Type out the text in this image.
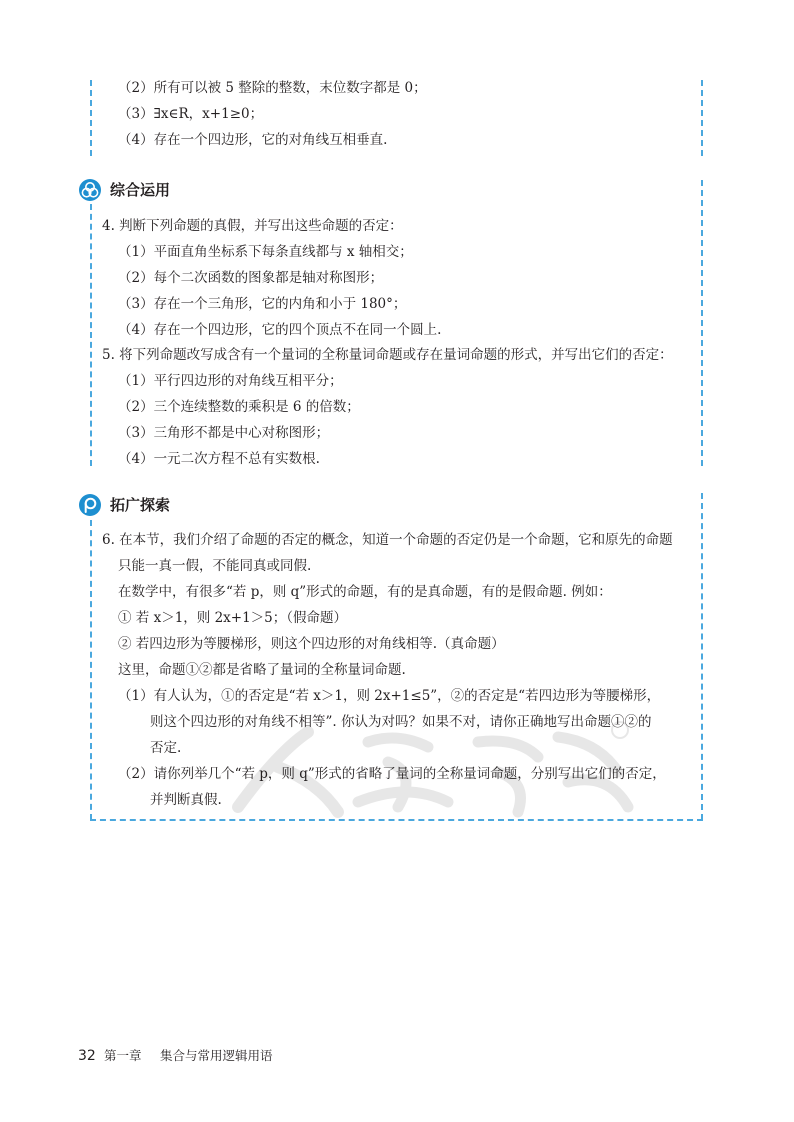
（2）所有可以被 5 整除的整数，末位数字都是 0；
（3）∃x∈R，x+1≥0；
（4）存在一个四边形，它的对角线互相垂直.
综合运用
4. 判断下列命题的真假，并写出这些命题的否定：
（1）平面直角坐标系下每条直线都与 x 轴相交；
（2）每个二次函数的图象都是轴对称图形；
（3）存在一个三角形，它的内角和小于 180°；
（4）存在一个四边形，它的四个顶点不在同一个圆上.
5. 将下列命题改写成含有一个量词的全称量词命题或存在量词命题的形式，并写出它们的否定：
（1）平行四边形的对角线互相平分；
（2）三个连续整数的乘积是 6 的倍数；
（3）三角形不都是中心对称图形；
（4）一元二次方程不总有实数根.
拓广探索
6. 在本节，我们介绍了命题的否定的概念，知道一个命题的否定仍是一个命题，它和原先的命题
只能一真一假，不能同真或同假.
在数学中，有很多“若 p，则 q”形式的命题，有的是真命题，有的是假命题. 例如：
① 若 x＞1，则 2x+1＞5；（假命题）
② 若四边形为等腰梯形，则这个四边形的对角线相等.（真命题）
这里，命题①②都是省略了量词的全称量词命题.
（1）有人认为，①的否定是“若 x＞1，则 2x+1≤5”，②的否定是“若四边形为等腰梯形，
则这个四边形的对角线不相等”. 你认为对吗？如果不对，请你正确地写出命题①②的
否定.
（2）请你列举几个“若 p，则 q”形式的省略了量词的全称量词命题，分别写出它们的否定，
并判断真假.
32 第一章 集合与常用逻辑用语
